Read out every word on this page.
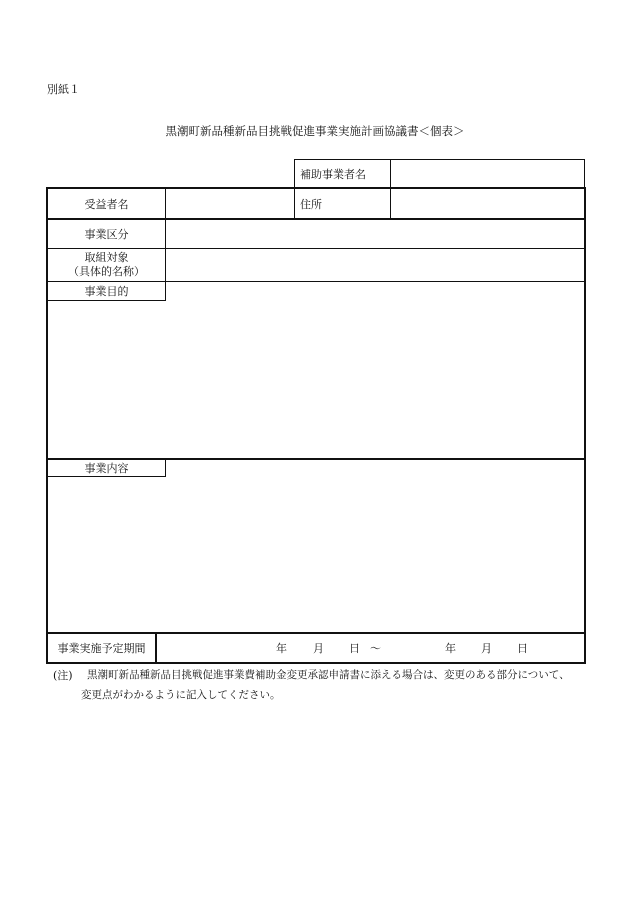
別紙１
黒潮町新品種新品目挑戦促進事業実施計画協議書＜個表＞
補助事業者名
受益者名	住所
事業区分
取組対象
（具体的名称）
事業目的
事業内容
事業実施予定期間	年 月 日 ～	年 月 日
(注) 黒潮町新品種新品目挑戦促進事業費補助金変更承認申請書に添える場合は、変更のある部分について、
変更点がわかるように記入してください。
